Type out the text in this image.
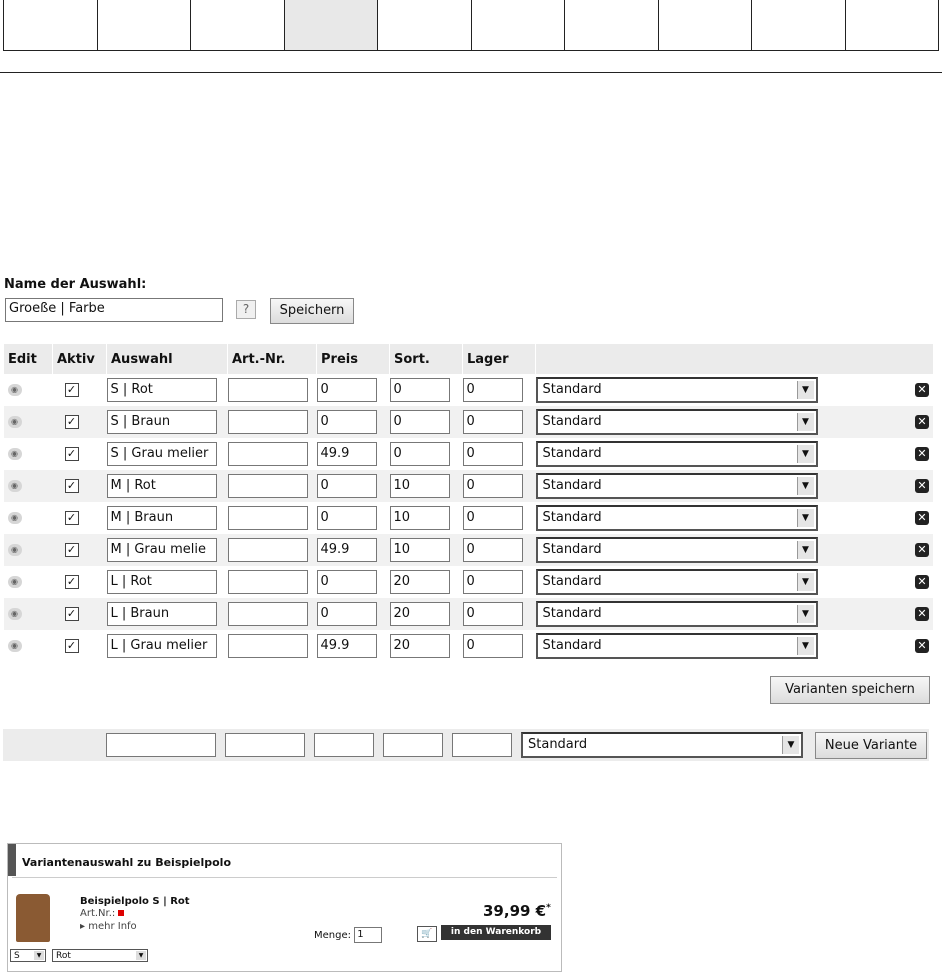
Name der Auswahl:
Groeße | Farbe	?	Speichern
Edit	Aktiv	Auswahl	Art.-Nr.	Preis	Sort.	Lager	

◉	✓	S | Rot		0	0	0	Standard ▼ ✕

◉	✓	S | Braun		0	0	0	Standard ▼ ✕

◉	✓	S | Grau melier		49.9	0	0	Standard ▼ ✕

◉	✓	M | Rot		0	10	0	Standard ▼ ✕

◉	✓	M | Braun		0	10	0	Standard ▼ ✕

◉	✓	M | Grau melie		49.9	10	0	Standard ▼ ✕

◉	✓	L | Rot		0	20	0	Standard ▼ ✕

◉	✓	L | Braun		0	20	0	Standard ▼ ✕

◉	✓	L | Grau melier		49.9	20	0	Standard ▼ ✕
Varianten speichern
Standard	▼	Neue Variante
Variantenauswahl zu Beispielpolo
Beispielpolo S | Rot
Art.Nr.:
▸ mehr Info
39,99 €*
Menge: 1	🛒	in den Warenkorb
S	▼	Rot	▼
